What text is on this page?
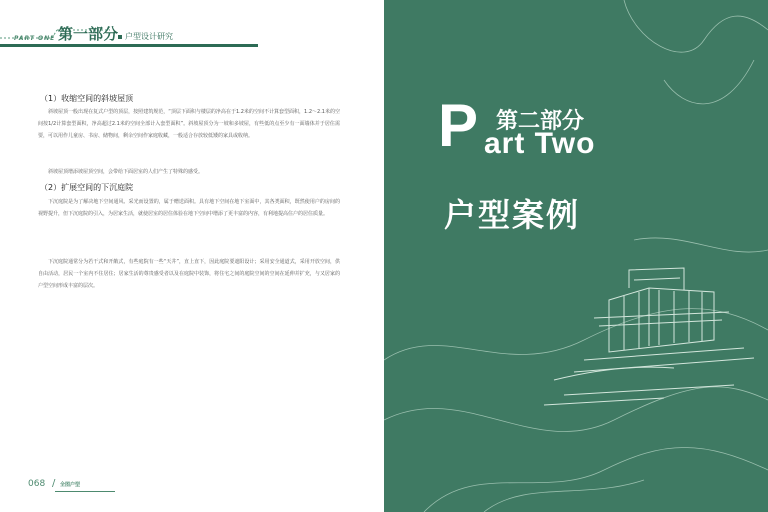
PART ONE 第一部分 户型设计研究
（1）收缩空间的斜坡屋顶
斜坡屋顶一般出现在复式户型的顶层，按照建筑规范，“顶层下面积与楼层的净高在于1.2米的空间不计算套型面积，1.2～2.1米的空间按1/2计算套型面积，净高超过2.1米的空间全部计入套型面积”。斜坡屋顶分为一坡和多坡屋，有些低的点至少有一面墙体并于居住需要，可以用作儿童房、书房、储物间，剩余空间作家庭收藏，一般适合存放较低矮的家具或收纳。
斜坡屋顶增添坡屋顶空间，会带给下面居室的人们产生了特殊的感受。
（2）扩展空间的下沉庭院
下沉庭院是为了解决地下空间通风、采光而设置的，属于赠送面积。具有地下空间在地下室面中，其各类面积，既然使用户的房间的视野提升，但下沉庭院的引入，为居家生活，就使居室的居住体验在地下空间中增添了更丰富的内容，有利地提高住户的居住质量。
下沉庭院通常分为若干式和开敞式，有些庭院有一些“天井”，直上直下，因此庭院要遮阳设计；采用安全通道式，采用开放空间，供自由活动，居民一个室内不住居住；居家生活的尊贵感受者以及在庭院中装饰，将住宅之间的庭院空间的空间在延伸并扩充，与又居家的户型空间形成丰富的层次。
068 / 全图户型
P 第二部分
art Two
户型案例
